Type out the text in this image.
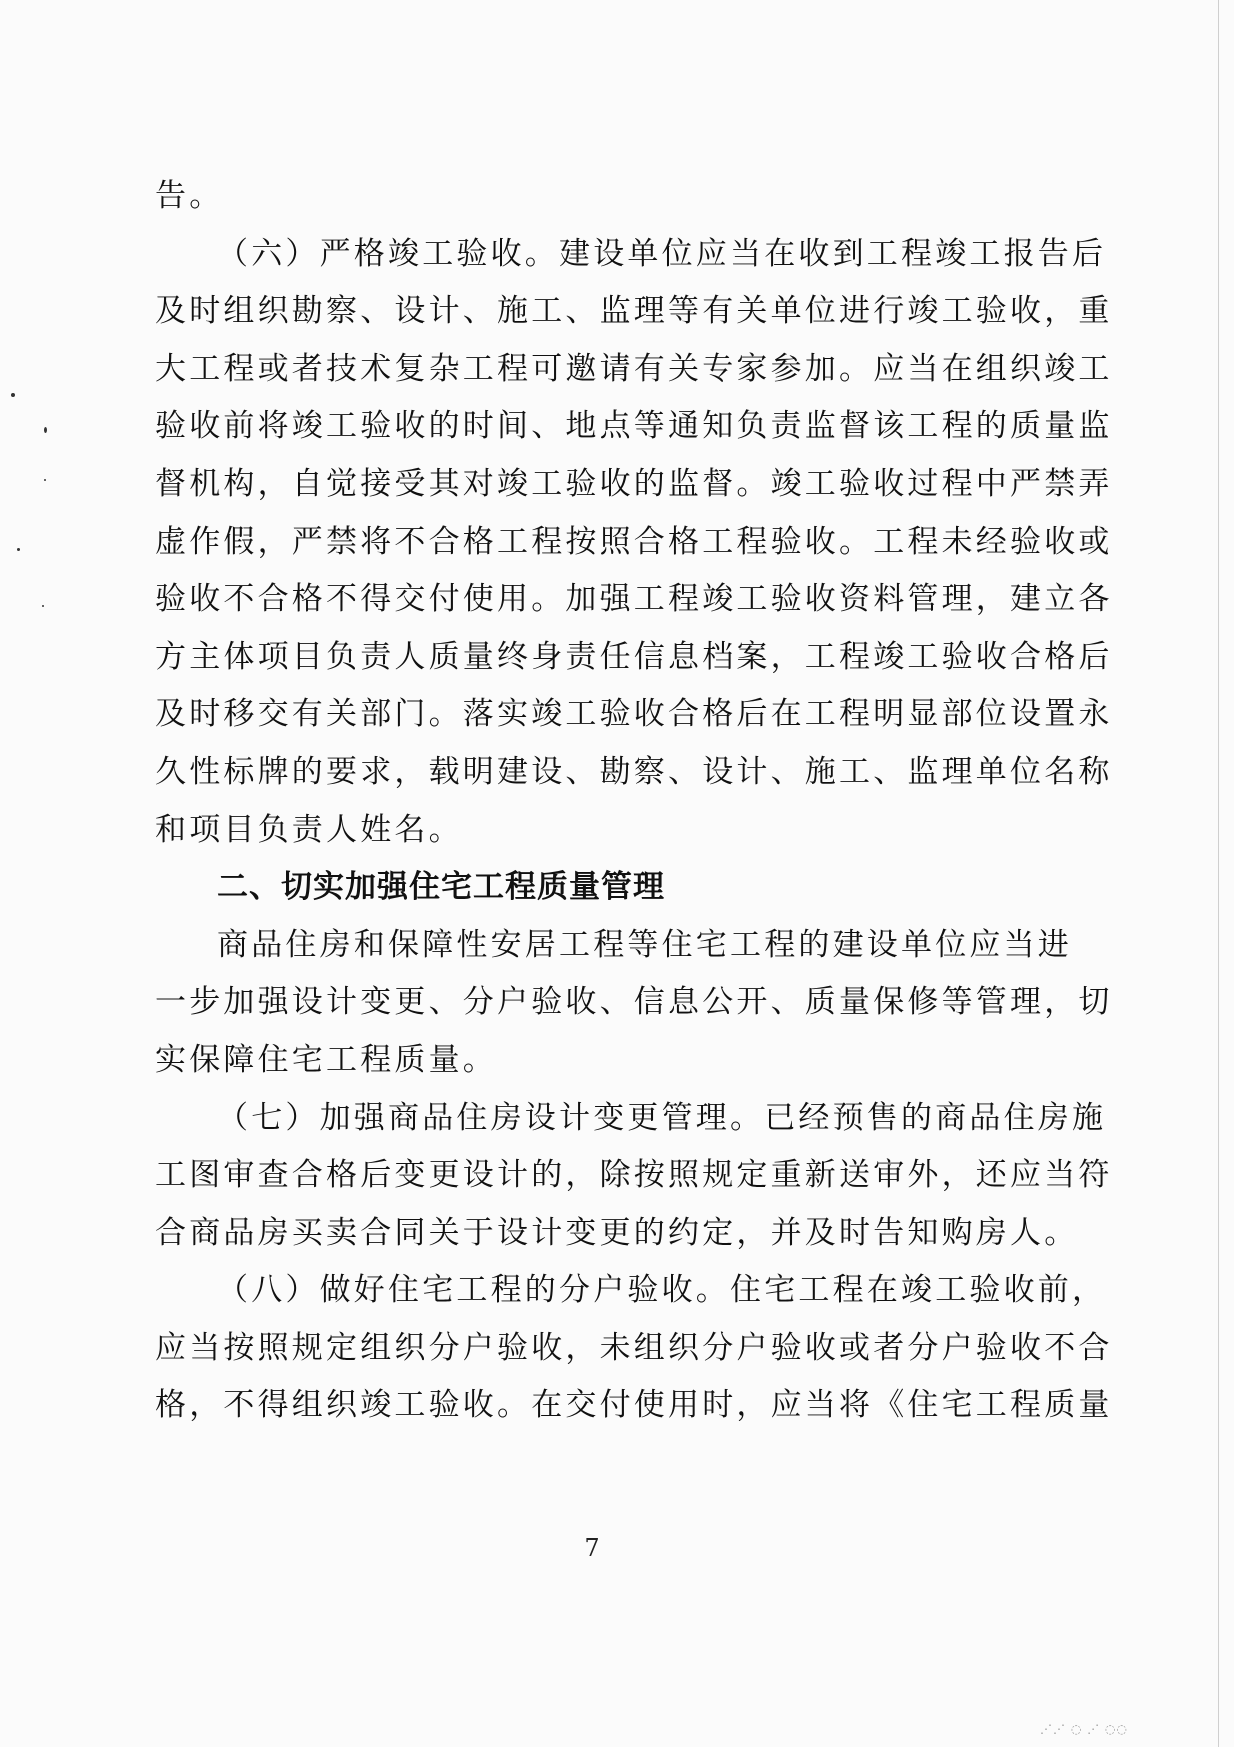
告。
（六）严格竣工验收。建设单位应当在收到工程竣工报告后
及时组织勘察、设计、施工、监理等有关单位进行竣工验收，重
大工程或者技术复杂工程可邀请有关专家参加。应当在组织竣工
验收前将竣工验收的时间、地点等通知负责监督该工程的质量监
督机构，自觉接受其对竣工验收的监督。竣工验收过程中严禁弄
虚作假，严禁将不合格工程按照合格工程验收。工程未经验收或
验收不合格不得交付使用。加强工程竣工验收资料管理，建立各
方主体项目负责人质量终身责任信息档案，工程竣工验收合格后
及时移交有关部门。落实竣工验收合格后在工程明显部位设置永
久性标牌的要求，载明建设、勘察、设计、施工、监理单位名称
和项目负责人姓名。
二、切实加强住宅工程质量管理
商品住房和保障性安居工程等住宅工程的建设单位应当进
一步加强设计变更、分户验收、信息公开、质量保修等管理，切
实保障住宅工程质量。
（七）加强商品住房设计变更管理。已经预售的商品住房施
工图审查合格后变更设计的，除按照规定重新送审外，还应当符
合商品房买卖合同关于设计变更的约定，并及时告知购房人。
（八）做好住宅工程的分户验收。住宅工程在竣工验收前，
应当按照规定组织分户验收，未组织分户验收或者分户验收不合
格，不得组织竣工验收。在交付使用时，应当将《住宅工程质量
7
⋰⋰ ◌ ⋰ ◌◌
